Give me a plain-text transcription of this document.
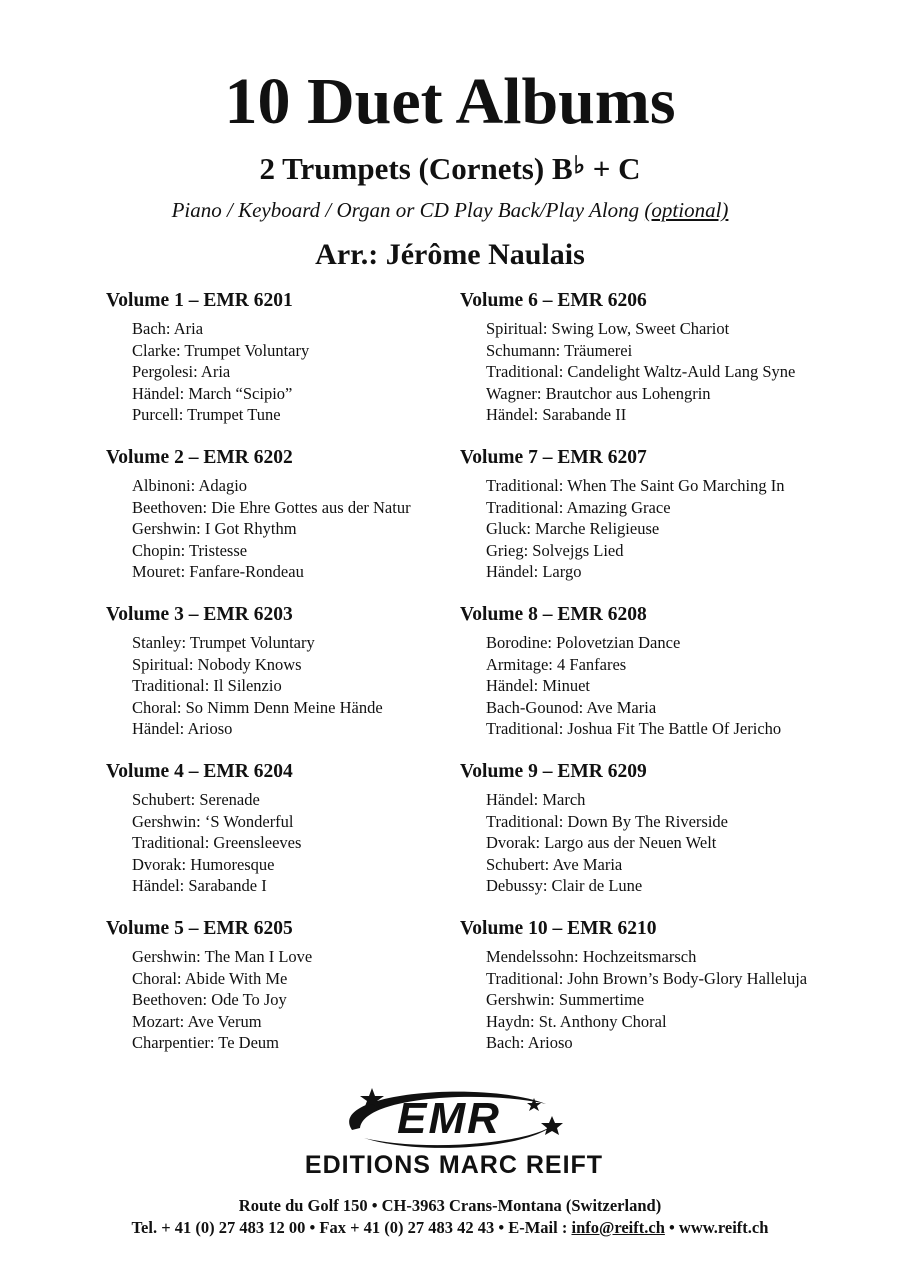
10 Duet Albums
2 Trumpets (Cornets) B♭ + C
Piano / Keyboard / Organ or CD Play Back/Play Along (optional)
Arr.: Jérôme Naulais
Volume 1 – EMR 6201
Bach: Aria
Clarke: Trumpet Voluntary
Pergolesi: Aria
Händel: March “Scipio”
Purcell: Trumpet Tune
Volume 2 – EMR 6202
Albinoni: Adagio
Beethoven: Die Ehre Gottes aus der Natur
Gershwin: I Got Rhythm
Chopin: Tristesse
Mouret: Fanfare-Rondeau
Volume 3 – EMR 6203
Stanley: Trumpet Voluntary
Spiritual: Nobody Knows
Traditional: Il Silenzio
Choral: So Nimm Denn Meine Hände
Händel: Arioso
Volume 4 – EMR 6204
Schubert: Serenade
Gershwin: ‘S Wonderful
Traditional: Greensleeves
Dvorak: Humoresque
Händel: Sarabande I
Volume 5 – EMR 6205
Gershwin: The Man I Love
Choral: Abide With Me
Beethoven: Ode To Joy
Mozart: Ave Verum
Charpentier: Te Deum
Volume 6 – EMR 6206
Spiritual: Swing Low, Sweet Chariot
Schumann: Träumerei
Traditional: Candelight Waltz-Auld Lang Syne
Wagner: Brautchor aus Lohengrin
Händel: Sarabande II
Volume 7 – EMR 6207
Traditional: When The Saint Go Marching In
Traditional: Amazing Grace
Gluck: Marche Religieuse
Grieg: Solvejgs Lied
Händel: Largo
Volume 8 – EMR 6208
Borodine: Polovetzian Dance
Armitage: 4 Fanfares
Händel: Minuet
Bach-Gounod: Ave Maria
Traditional: Joshua Fit The Battle Of Jericho
Volume 9 – EMR 6209
Händel: March
Traditional: Down By The Riverside
Dvorak: Largo aus der Neuen Welt
Schubert: Ave Maria
Debussy: Clair de Lune
Volume 10 – EMR 6210
Mendelssohn: Hochzeitsmarsch
Traditional: John Brown’s Body-Glory Halleluja
Gershwin: Summertime
Haydn: St. Anthony Choral
Bach: Arioso
EMR
EDITIONS MARC REIFT
Route du Golf 150 • CH-3963 Crans-Montana (Switzerland)
Tel. + 41 (0) 27 483 12 00 • Fax + 41 (0) 27 483 42 43 • E-Mail : info@reift.ch • www.reift.ch
